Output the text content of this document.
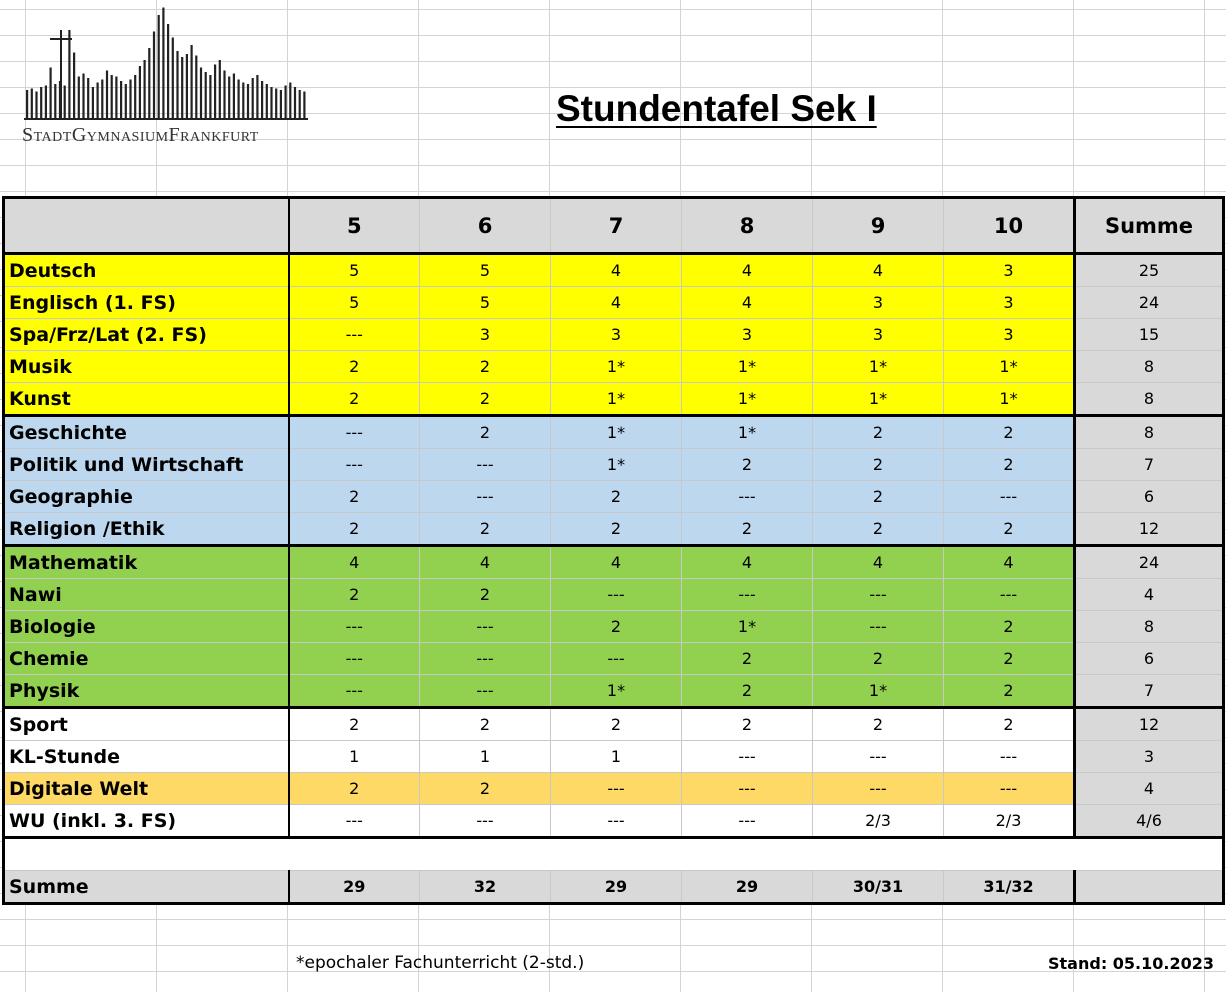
StadtGymnasiumFrankfurt
Stundentafel Sek I
	5	6	7	8	9	10	Summe
Deutsch	5	5	4	4	4	3	25
Englisch (1. FS)	5	5	4	4	3	3	24
Spa/Frz/Lat (2. FS)	---	3	3	3	3	3	15
Musik	2	2	1*	1*	1*	1*	8
Kunst	2	2	1*	1*	1*	1*	8
Geschichte	---	2	1*	1*	2	2	8
Politik und Wirtschaft	---	---	1*	2	2	2	7
Geographie	2	---	2	---	2	---	6
Religion /Ethik	2	2	2	2	2	2	12
Mathematik	4	4	4	4	4	4	24
Nawi	2	2	---	---	---	---	4
Biologie	---	---	2	1*	---	2	8
Chemie	---	---	---	2	2	2	6
Physik	---	---	1*	2	1*	2	7
Sport	2	2	2	2	2	2	12
KL-Stunde	1	1	1	---	---	---	3
Digitale Welt	2	2	---	---	---	---	4
WU (inkl. 3. FS)	---	---	---	---	2/3	2/3	4/6

Summe	29	32	29	29	30/31	31/32	
*epochaler Fachunterricht (2-std.)	Stand: 05.10.2023
